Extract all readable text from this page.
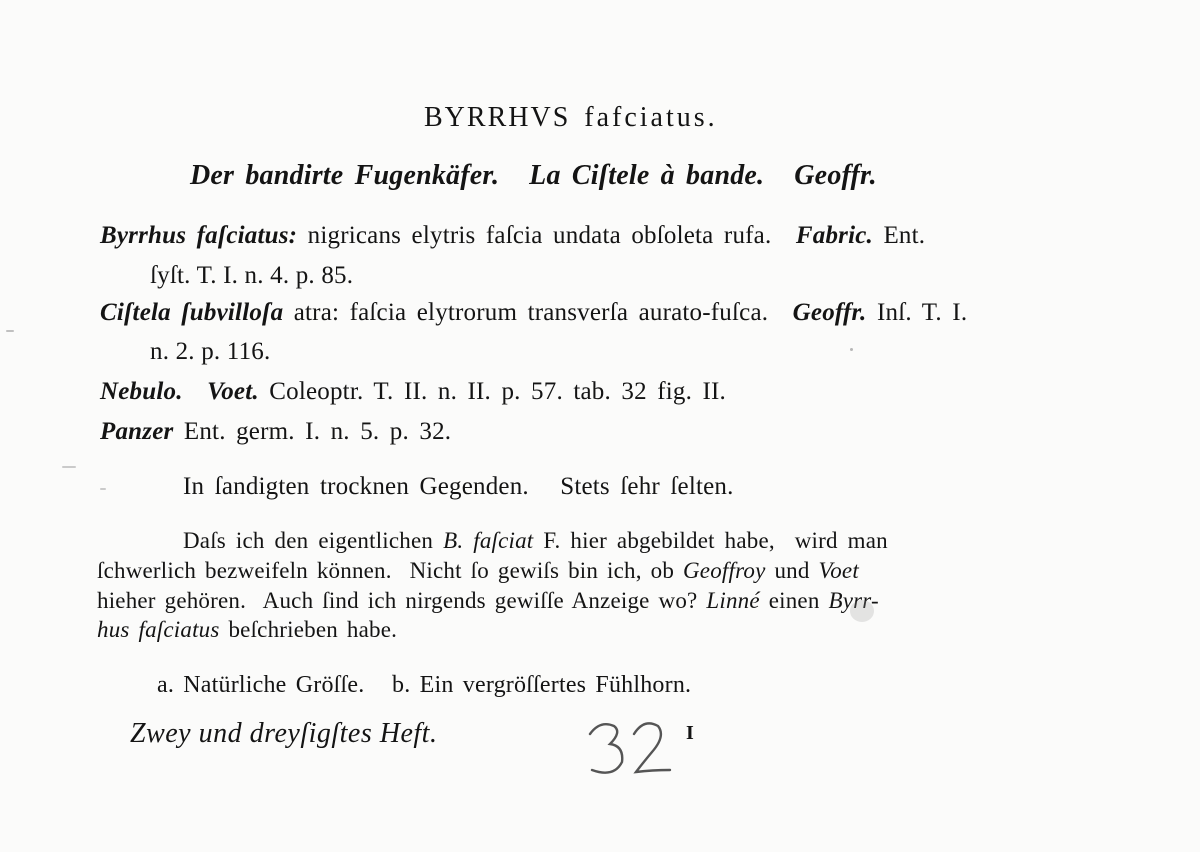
BYRRHVS fafciatus.
Der bandirte Fugenkäfer. La Ciſtele à bande. Geoffr.
Byrrhus faſciatus: nigricans elytris faſcia undata obſoleta rufa. Fabric. Ent.
ſyſt. T. I. n. 4. p. 85.
Ciſtela ſubvilloſa atra: faſcia elytrorum transverſa aurato-fuſca. Geoffr. Inſ. T. I.
n. 2. p. 116.
Nebulo. Voet. Coleoptr. T. II. n. II. p. 57. tab. 32 fig. II.
Panzer Ent. germ. I. n. 5. p. 32.
In ſandigten trocknen Gegenden.   Stets ſehr ſelten.
Daſs ich den eigentlichen B. faſciat F. hier abgebildet habe,  wird man
ſchwerlich bezweifeln können.  Nicht ſo gewiſs bin ich, ob Geoffroy und Voet
hieher gehören.  Auch ſind ich nirgends gewiſſe Anzeige wo? Linné einen Byrr-
hus faſciatus beſchrieben habe.
a. Natürliche Gröſſe.   b. Ein vergröſſertes Fühlhorn.
Zwey und dreyſigſtes Heft.	I
